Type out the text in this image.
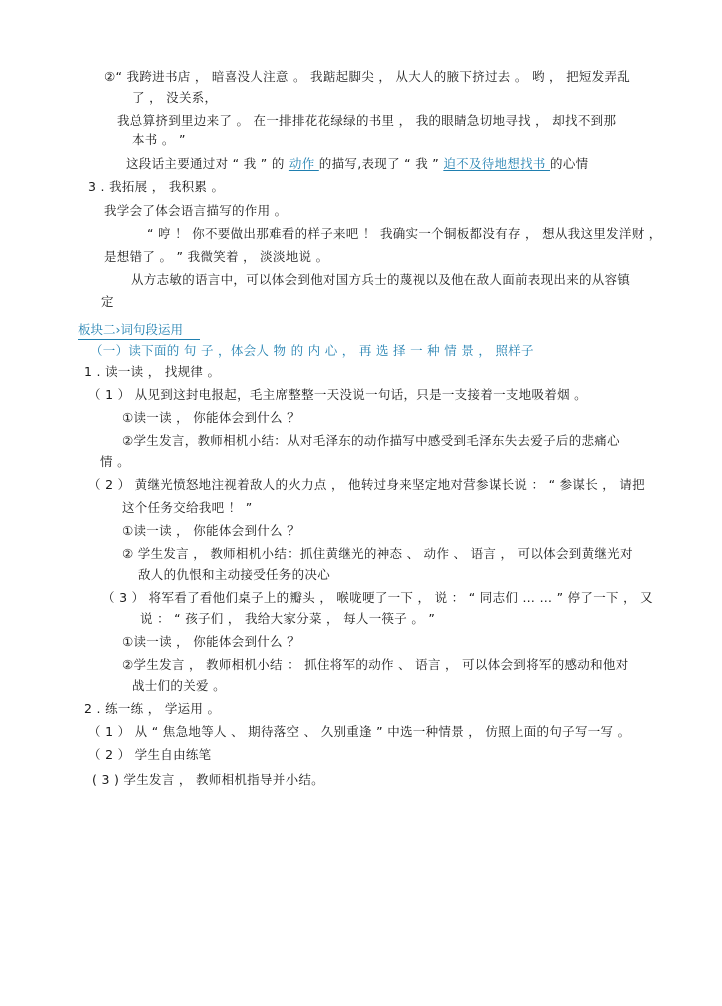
②“ 我跨进书店 ， 暗喜没人注意 。 我踮起脚尖 ， 从大人的腋下挤过去 。 哟 ， 把短发弄乱
了 ， 没关系，
我总算挤到里边来了 。 在一排排花花绿绿的书里 ， 我的眼睛急切地寻找 ， 却找不到那
本书 。 ”
这段话主要通过对 “ 我 ” 的 动作 的描写,表现了 “ 我 ” 迫不及待地想找书 的心情
3 . 我拓展 ， 我积累 。
我学会了体会语言描写的作用 。
“ 哼 ！ 你不要做出那难看的样子来吧 ！ 我确实一个铜板都没有存 ， 想从我这里发洋财 ，
是想错了 。 ” 我微笑着 ， 淡淡地说 。
从方志敏的语言中，可以体会到他对国方兵士的蔑视以及他在敌人面前表现出来的从容镇
定
板块二›词句段运用
（一）读下面的 句 子 ，体会人 物 的 内 心 ， 再 选 择 一 种 情 景 ， 照样子
1 . 读一读 ， 找规律 。
（ 1 ） 从见到这封电报起，毛主席整整一天没说一句话，只是一支接着一支地吸着烟 。
①读一读 ， 你能体会到什么 ？
②学生发言，教师相机小结：从对毛泽东的动作描写中感受到毛泽东失去爱子后的悲痛心
情 。
（ 2 ） 黄继光愤怒地注视着敌人的火力点 ， 他转过身来坚定地对营参谋长说 ： “ 参谋长 ， 请把
这个任务交给我吧 ！ ”
①读一读 ， 你能体会到什么 ？
② 学生发言 ， 教师相机小结：抓住黄继光的神态 、 动作 、 语言 ， 可以体会到黄继光对
敌人的仇恨和主动接受任务的决心
（ 3 ） 将军看了看他们桌子上的瓣头 ， 喉咙哽了一下 ， 说 ： “ 同志们 … … ” 停了一下 ， 又
说 ： “ 孩子们 ， 我给大家分菜 ， 每人一筷子 。 ”
①读一读 ， 你能体会到什么 ？
②学生发言 ， 教师相机小结 ： 抓住将军的动作 、 语言 ， 可以体会到将军的感动和他对
战士们的关爱 。
2 . 练一练 ， 学运用 。
（ 1 ） 从 “ 焦急地等人 、 期待落空 、 久别重逢 ” 中选一种情景 ， 仿照上面的句子写一写 。
（ 2 ） 学生自由练笔
( 3 ) 学生发言 ， 教师相机指导并小结。
